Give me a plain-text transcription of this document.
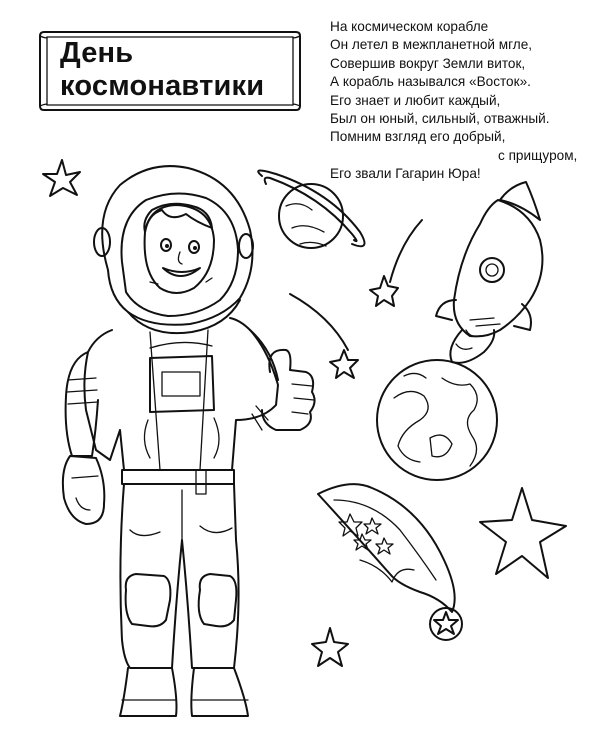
День
космонавтики
На космическом корабле
Он летел в межпланетной мгле,
Совершив вокруг Земли виток,
А корабль назывался «Восток».
Его знает и любит каждый,
Был он юный, сильный, отважный.
Помним взгляд его добрый,
с прищуром,
Его звали Гагарин Юра!
